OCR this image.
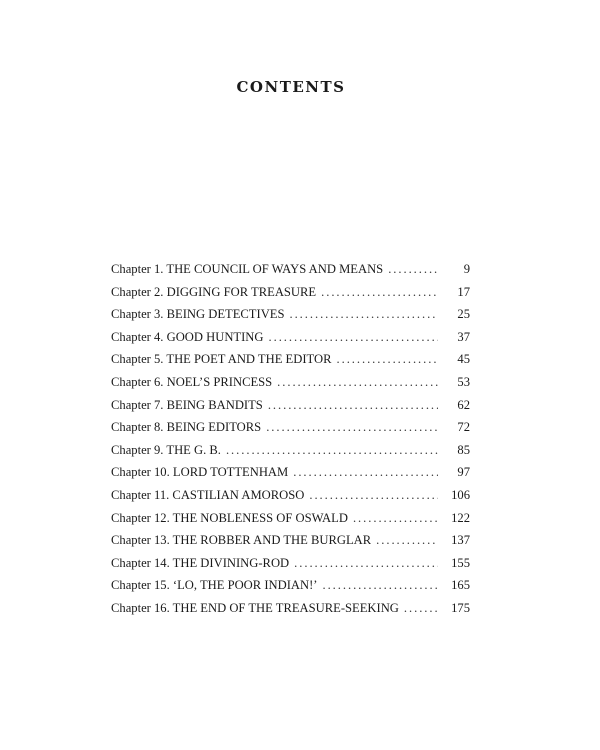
CONTENTS
Chapter 1. THE COUNCIL OF WAYS AND MEANS . . .	9
Chapter 2. DIGGING FOR TREASURE . . .	17
Chapter 3. BEING DETECTIVES . . .	25
Chapter 4. GOOD HUNTING . . .	37
Chapter 5. THE POET AND THE EDITOR . . .	45
Chapter 6. NOEL’S PRINCESS . . .	53
Chapter 7. BEING BANDITS . . .	62
Chapter 8. BEING EDITORS . . .	72
Chapter 9. THE G. B. . . .	85
Chapter 10. LORD TOTTENHAM . . .	97
Chapter 11. CASTILIAN AMOROSO . . .	106
Chapter 12. THE NOBLENESS OF OSWALD . . .	122
Chapter 13. THE ROBBER AND THE BURGLAR . . .	137
Chapter 14. THE DIVINING-ROD . . .	155
Chapter 15. ‘LO, THE POOR INDIAN!’ . . .	165
Chapter 16. THE END OF THE TREASURE-SEEKING . . .	175
